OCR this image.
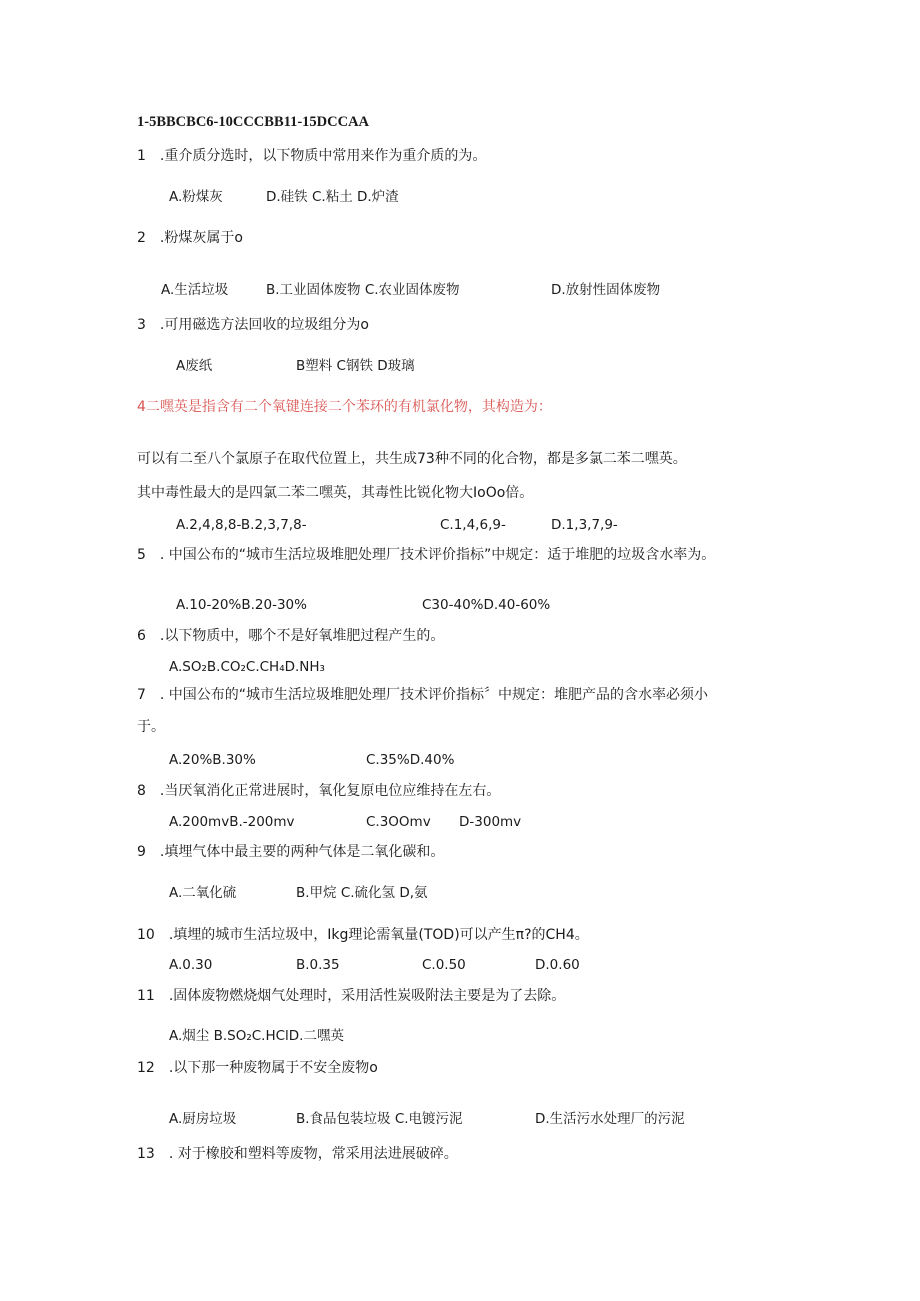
1-5BBCBC6-10CCCBB11-15DCCAA
1　.重介质分选时，以下物质中常用来作为重介质的为。
A.粉煤灰	D.硅铁 C.粘土 D.炉渣
2　.粉煤灰属于o
A.生活垃圾	B.工业固体废物 C.农业固体废物	D.放射性固体废物
3　.可用磁选方法回收的垃圾组分为o
A废纸	B塑料 C钢铁 D玻璃
4二嘿英是指含有二个氧键连接二个苯环的有机氯化物，其构造为：
可以有二至八个氯原子在取代位置上，共生成73种不同的化合物，都是多氯二苯二嘿英。
其中毒性最大的是四氯二苯二嘿英，其毒性比锐化物大IoOo倍。
A.2,4,8,8-B.2,3,7,8-	C.1,4,6,9-	D.1,3,7,9-
5　. 中国公布的“城市生活垃圾堆肥处理厂技术评价指标”中规定：适于堆肥的垃圾含水率为。
A.10-20%B.20-30%	C30-40%D.40-60%
6　.以下物质中，哪个不是好氧堆肥过程产生的。
A.SO₂B.CO₂C.CH₄D.NH₃
7　. 中国公布的“城市生活垃圾堆肥处理厂技术评价指标〞中规定：堆肥产品的含水率必须小
于。
A.20%B.30%	C.35%D.40%
8　.当厌氧消化正常进展时，氧化复原电位应维持在左右。
A.200mvB.-200mv	C.3OOmv D-300mv
9　.填埋气体中最主要的两种气体是二氧化碳和。
A.二氧化硫	B.甲烷 C.硫化氢 D,氨
10　.填埋的城市生活垃圾中，Ikg理论需氧量(TOD)可以产生π?的CH4。
A.0.30	B.0.35	C.0.50	D.0.60
11　.固体废物燃烧烟气处理时，采用活性炭吸附法主要是为了去除。
A.烟尘 B.SO₂C.HClD.二嘿英
12　.以下那一种废物属于不安全废物o
A.厨房垃圾	B.食品包装垃圾 C.电镀污泥	D.生活污水处理厂的污泥
13　. 对于橡胶和塑料等废物，常采用法进展破碎。
